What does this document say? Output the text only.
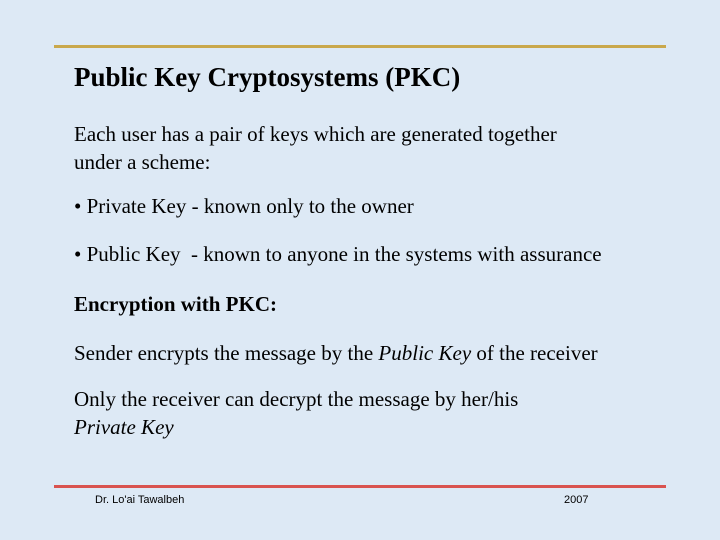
Public Key Cryptosystems (PKC)

Each user has a pair of keys which are generated together
under a scheme:

• Private Key - known only to the owner

• Public Key  - known to anyone in the systems with assurance

Encryption with PKC:

Sender encrypts the message by the Public Key of the receiver

Only the receiver can decrypt the message by her/his
Private Key

Dr. Lo'ai Tawalbeh	2007
